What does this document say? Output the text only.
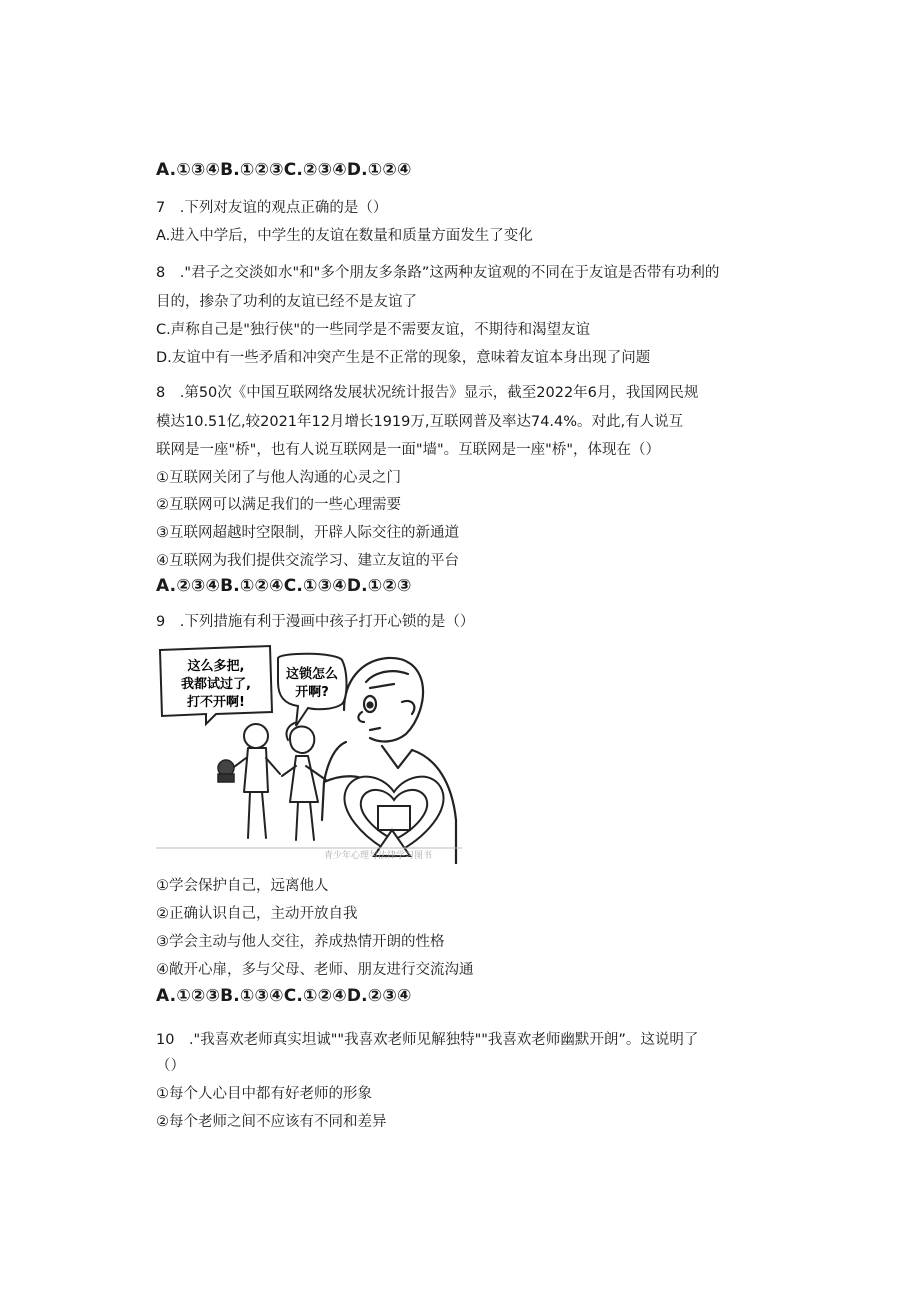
A.①③④B.①②③C.②③④D.①②④
7　.下列对友谊的观点正确的是（）
A.进入中学后，中学生的友谊在数量和质量方面发生了变化
8　."君子之交淡如水"和"多个朋友多条路”这两种友谊观的不同在于友谊是否带有功利的
目的，掺杂了功利的友谊已经不是友谊了
C.声称自己是"独行侠"的一些同学是不需要友谊，不期待和渴望友谊
D.友谊中有一些矛盾和冲突产生是不正常的现象，意味着友谊本身出现了问题
8　.第50次《中国互联网络发展状况统计报告》显示，截至2022年6月，我国网民规
模达10.51亿,较2021年12月增长1919万,互联网普及率达74.4%。对此,有人说互
联网是一座"桥"，也有人说互联网是一面"墙"。互联网是一座"桥"，体现在（）
①互联网关闭了与他人沟通的心灵之门
②互联网可以满足我们的一些心理需要
③互联网超越时空限制，开辟人际交往的新通道
④互联网为我们提供交流学习、建立友谊的平台
A.②③④B.①②④C.①③④D.①②③
9　.下列措施有利于漫画中孩子打开心锁的是（）
这么多把,
我都试过了,
打不开啊!
这锁怎么
开啊?
青少年心理与法律学习图书
①学会保护自己，远离他人
②正确认识自己，主动开放自我
③学会主动与他人交往，养成热情开朗的性格
④敞开心扉，多与父母、老师、朋友进行交流沟通
A.①②③B.①③④C.①②④D.②③④
10　."我喜欢老师真实坦诚""我喜欢老师见解独特""我喜欢老师幽默开朗”。这说明了
（）
①每个人心目中都有好老师的形象
②每个老师之间不应该有不同和差异
